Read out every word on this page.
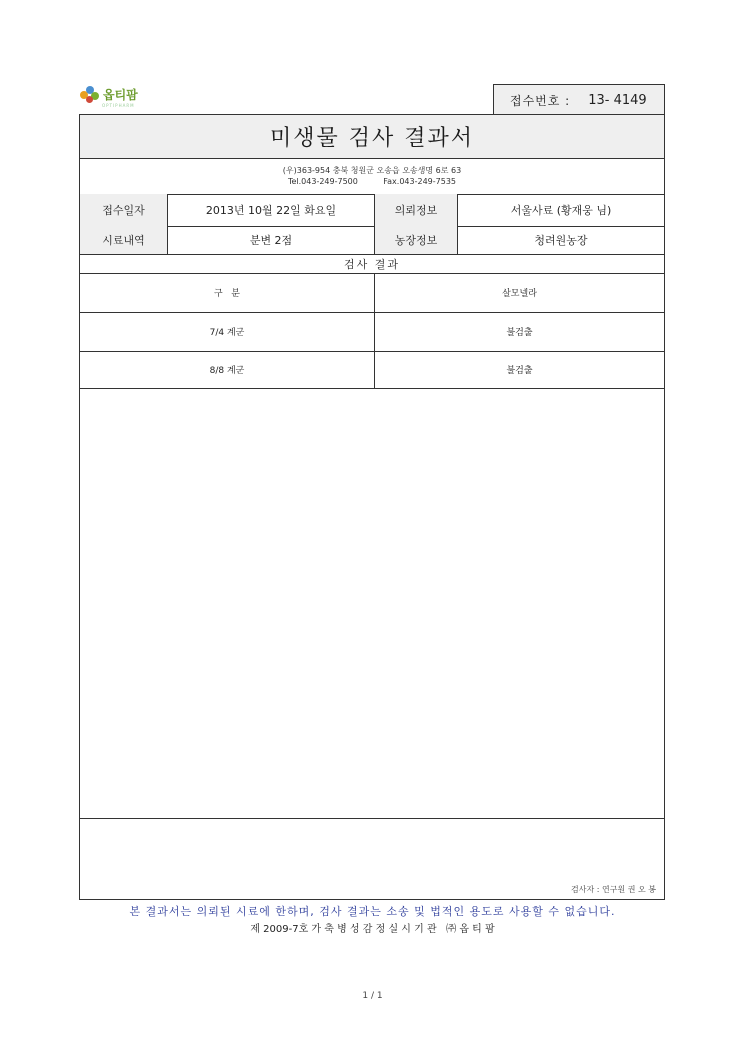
옵티팜
OPTIPHARM	접수번호 : 13- 4149
미생물 검사 결과서
(우)363-954 충북 청원군 오송읍 오송생명 6로 63
Tel.043-249-7500          Fax.043-249-7535
접수일자	2013년 10월 22일 화요일	의뢰정보	서울사료 (황재웅 님)
시료내역	분변 2점	농장정보	청려원농장
검사 결과
구   분	살모넬라
7/4 계군	불검출
8/8 계군	불검출
검사자 : 연구원 권 오 봉
본 결과서는 의뢰된 시료에 한하며, 검사 결과는 소송 및 법적인 용도로 사용할 수 없습니다.
제 2009-7호 가 축 병 성 감 정 실 시 기 관   ㈜ 옵 티 팜
1 / 1
